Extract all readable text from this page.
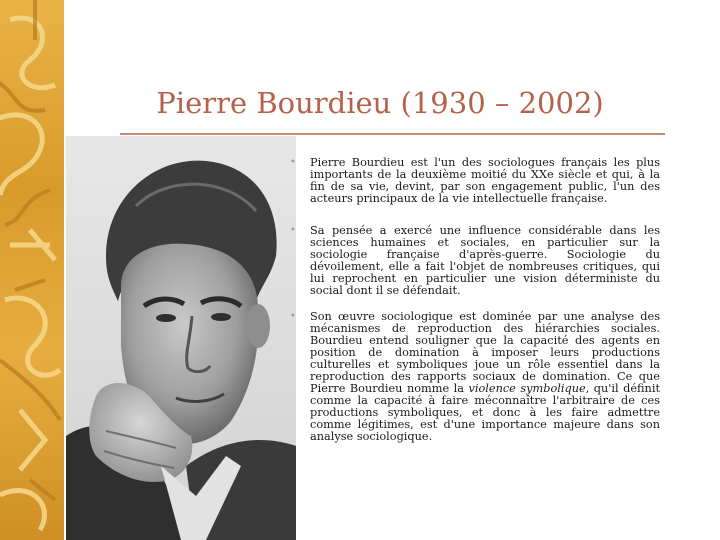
Pierre Bourdieu (1930 – 2002)
• Pierre Bourdieu est l'un des sociologues français les plus importants de la deuxième moitié du XXe siècle et qui, à la fin de sa vie, devint, par son engagement public, l'un des acteurs principaux de la vie intellectuelle française.
• Sa pensée a exercé une influence considérable dans les sciences humaines et sociales, en particulier sur la sociologie française d'après-guerre. Sociologie du dévoilement, elle a fait l'objet de nombreuses critiques, qui lui reprochent en particulier une vision déterministe du social dont il se défendait.
• Son œuvre sociologique est dominée par une analyse des mécanismes de reproduction des hiérarchies sociales. Bourdieu entend souligner que la capacité des agents en position de domination à imposer leurs productions culturelles et symboliques joue un rôle essentiel dans la reproduction des rapports sociaux de domination. Ce que Pierre Bourdieu nomme la violence symbolique, qu'il définit comme la capacité à faire méconnaître l'arbitraire de ces productions symboliques, et donc à les faire admettre comme légitimes, est d'une importance majeure dans son analyse sociologique.
